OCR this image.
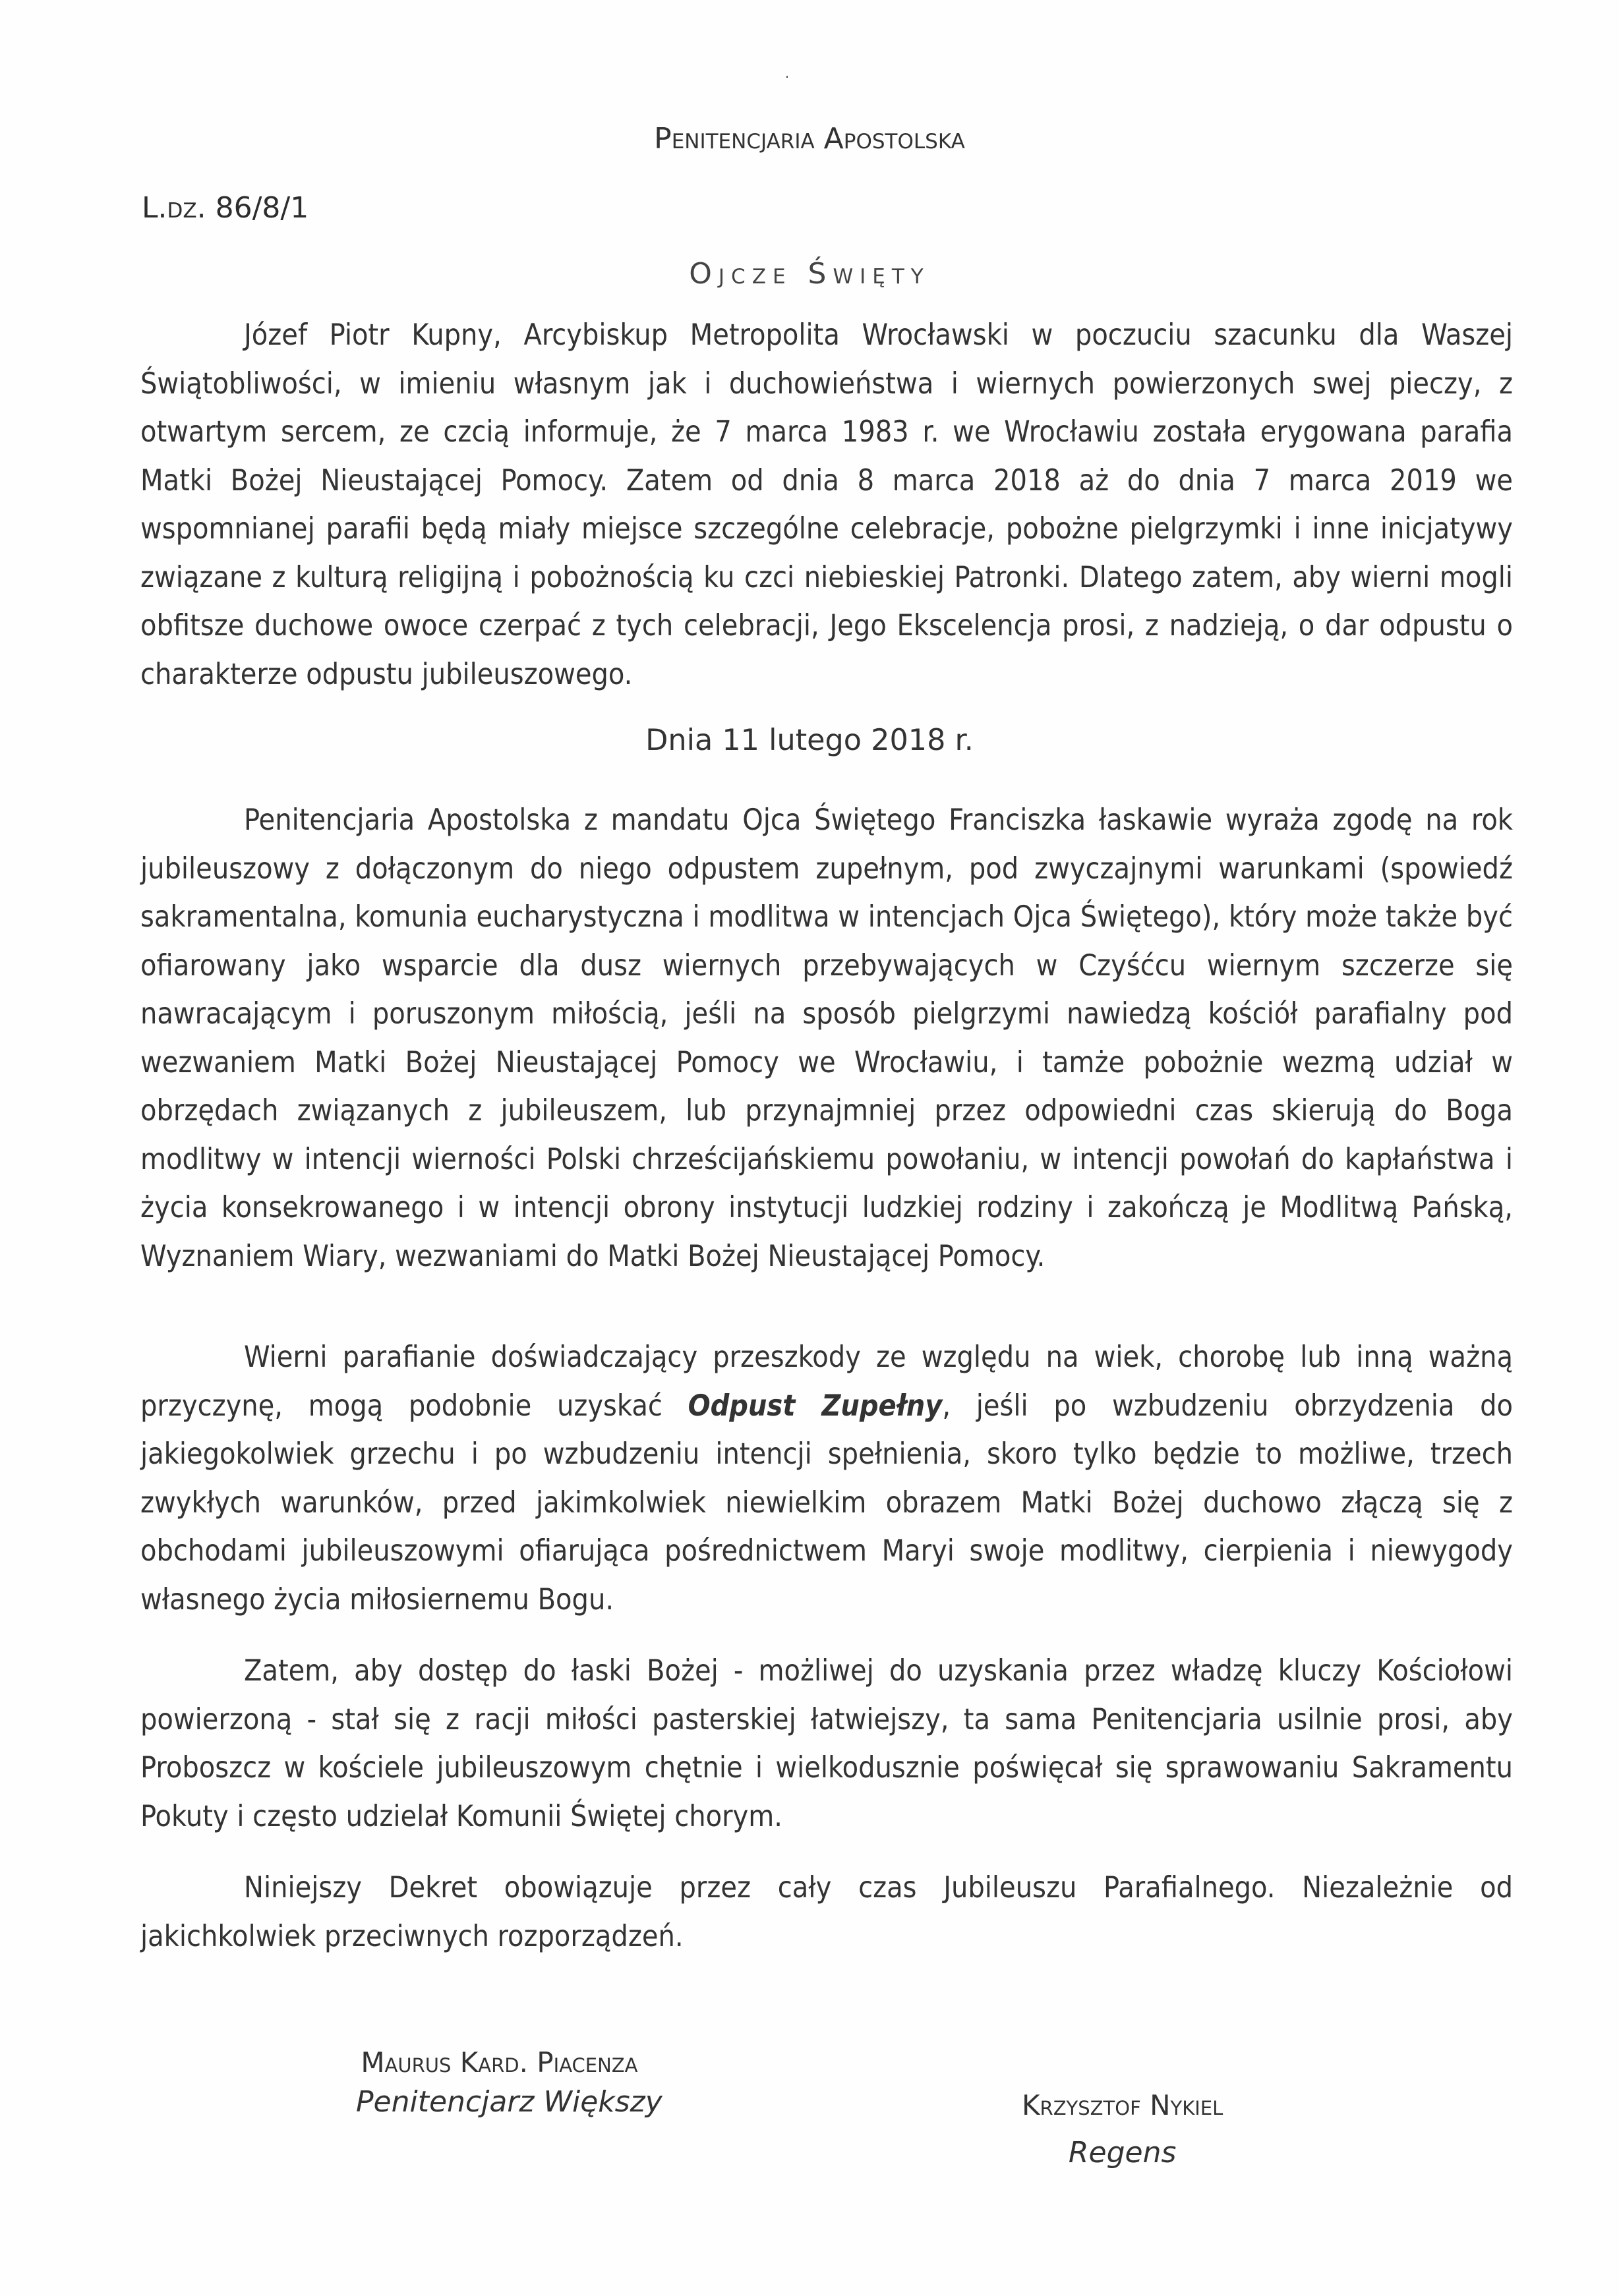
Penitencjaria Apostolska
L.dz. 86/8/1
Ojcze Święty

Józef Piotr Kupny, Arcybiskup Metropolita Wrocławski w poczuciu szacunku dla Waszej Świątobliwości, w imieniu własnym jak i duchowieństwa i wiernych powierzonych swej pieczy, z otwartym sercem, ze czcią informuje, że 7 marca 1983 r. we Wrocławiu została erygowana parafia Matki Bożej Nieustającej Pomocy. Zatem od dnia 8 marca 2018 aż do dnia 7 marca 2019 we wspomnianej parafii będą miały miejsce szczególne celebracje, pobożne pielgrzymki i inne inicjatywy związane z kulturą religijną i pobożnością ku czci niebieskiej Patronki. Dlatego zatem, aby wierni mogli obfitsze duchowe owoce czerpać z tych celebracji, Jego Ekscelencja prosi, z nadzieją, o dar odpustu o charakterze odpustu jubileuszowego.

Dnia 11 lutego 2018 r.

Penitencjaria Apostolska z mandatu Ojca Świętego Franciszka łaskawie wyraża zgodę na rok jubileuszowy z dołączonym do niego odpustem zupełnym, pod zwyczajnymi warunkami (spowiedź sakramentalna, komunia eucharystyczna i modlitwa w intencjach Ojca Świętego), który może także być ofiarowany jako wsparcie dla dusz wiernych przebywających w Czyśćcu wiernym szczerze się nawracającym i poruszonym miłością, jeśli na sposób pielgrzymi nawiedzą kościół parafialny pod wezwaniem Matki Bożej Nieustającej Pomocy we Wrocławiu, i tamże pobożnie wezmą udział w obrzędach związanych z jubileuszem, lub przynajmniej przez odpowiedni czas skierują do Boga modlitwy w intencji wierności Polski chrześcijańskiemu powołaniu, w intencji powołań do kapłaństwa i życia konsekrowanego i w intencji obrony instytucji ludzkiej rodziny i zakończą je Modlitwą Pańską, Wyznaniem Wiary, wezwaniami do Matki Bożej Nieustającej Pomocy.

Wierni parafianie doświadczający przeszkody ze względu na wiek, chorobę lub inną ważną przyczynę, mogą podobnie uzyskać Odpust Zupełny, jeśli po wzbudzeniu obrzydzenia do jakiegokolwiek grzechu i po wzbudzeniu intencji spełnienia, skoro tylko będzie to możliwe, trzech zwykłych warunków, przed jakimkolwiek niewielkim obrazem Matki Bożej duchowo złączą się z obchodami jubileuszowymi ofiarująca pośrednictwem Maryi swoje modlitwy, cierpienia i niewygody własnego życia miłosiernemu Bogu.

Zatem, aby dostęp do łaski Bożej - możliwej do uzyskania przez władzę kluczy Kościołowi powierzoną - stał się z racji miłości pasterskiej łatwiejszy, ta sama Penitencjaria usilnie prosi, aby Proboszcz w kościele jubileuszowym chętnie i wielkodusznie poświęcał się sprawowaniu Sakramentu Pokuty i często udzielał Komunii Świętej chorym.

Niniejszy Dekret obowiązuje przez cały czas Jubileuszu Parafialnego. Niezależnie od jakichkolwiek przeciwnych rozporządzeń.

Maurus Kard. Piacenza
Penitencjarz Większy	Krzysztof Nykiel
Regens
